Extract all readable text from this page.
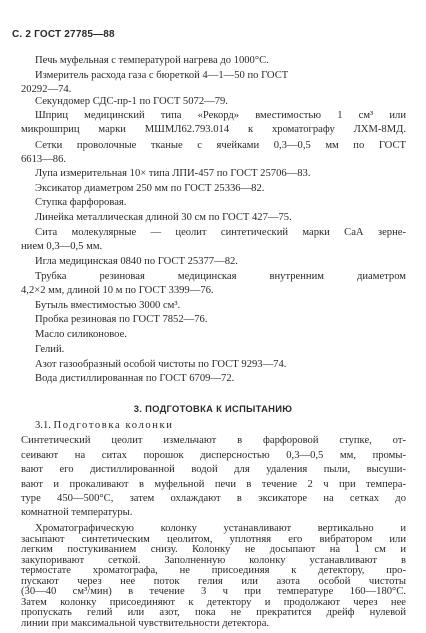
С. 2 ГОСТ 27785—88
Печь муфельная с температурой нагрева до 1000°С.
Измеритель расхода газа с бюреткой 4—1—50 по ГОСТ
20292—74.
Секундомер СДС-пр-1 по ГОСТ 5072—79.
Шприц медицинский типа «Рекорд» вместимостью 1 см³ или
микрошприц марки МШМЛ62.793.014 к хроматографу ЛХМ-8МД.
Сетки проволочные тканые с ячейками 0,3—0,5 мм по ГОСТ
6613—86.
Лупа измерительная 10× типа ЛПИ-457 по ГОСТ 25706—83.
Эксикатор диаметром 250 мм по ГОСТ 25336—82.
Ступка фарфоровая.
Линейка металлическая длиной 30 см по ГОСТ 427—75.
Сита молекулярные — цеолит синтетический марки СаА зерне-
нием 0,3—0,5 мм.
Игла медицинская 0840 по ГОСТ 25377—82.
Трубка резиновая медицинская внутренним диаметром
4,2×2 мм, длиной 10 м по ГОСТ 3399—76.
Бутыль вместимостью 3000 см³.
Пробка резиновая по ГОСТ 7852—76.
Масло силиконовое.
Гелий.
Азот газообразный особой чистоты по ГОСТ 9293—74.
Вода дистиллированная по ГОСТ 6709—72.
3. ПОДГОТОВКА К ИСПЫТАНИЮ
3.1. Подготовка колонки
Синтетический цеолит измельчают в фарфоровой ступке, от-
сеивают на ситах порошок дисперсностью 0,3—0,5 мм, промы-
вают его дистиллированной водой для удаления пыли, высуши-
вают и прокаливают в муфельной печи в течение 2 ч при темпера-
туре 450—500°С, затем охлаждают в эксикаторе на сетках до
комнатной температуры.
Хроматографическую колонку устанавливают вертикально и
засыпают синтетическим цеолитом, уплотняя его вибратором или
легким постукиванием снизу. Колонку не досыпают на 1 см и
закупоривают сеткой. Заполненную колонку устанавливают в
термостате хроматографа, не присоединяя к детектору, про-
пускают через нее поток гелия или азота особой чистоты
(30—40 см³/мин) в течение 3 ч при температуре 160—180°С.
Затем колонку присоединяют к детектору и продолжают через нее
пропускать гелий или азот, пока не прекратится дрейф нулевой
линии при максимальной чувствительности детектора.
